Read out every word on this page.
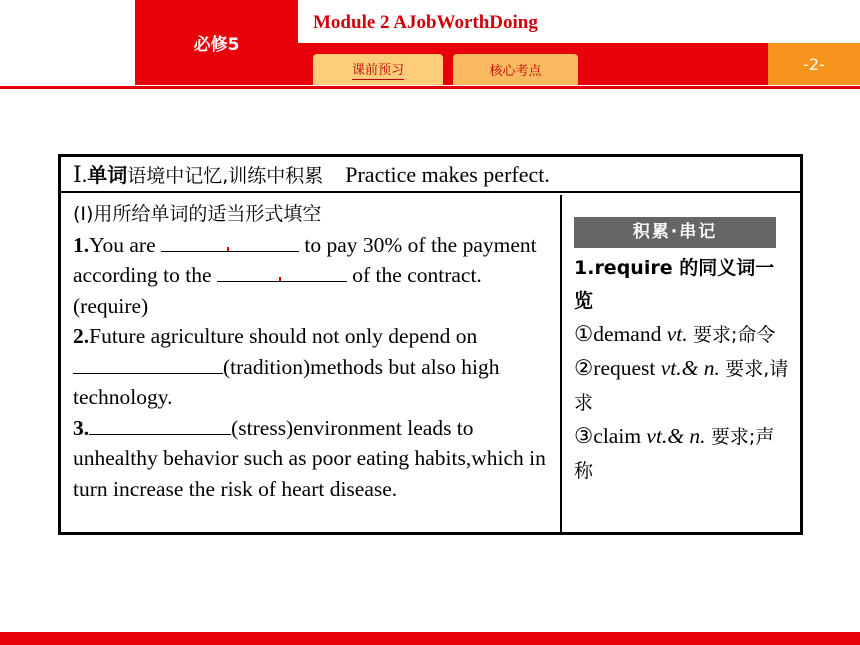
必修5
Module 2 AJobWorthDoing
课前预习	核心考点	-2-
Ⅰ.单词语境中记忆,训练中积累 Practice makes perfect.
(Ⅰ)用所给单词的适当形式填空
1.You are	to pay 30% of the payment according to the	of the contract.(require)
2.Future agriculture should not only depend on (tradition)methods but also high technology.
3.	(stress)environment leads to unhealthy behavior such as poor eating habits,which in turn increase the risk of heart disease.
积累·串记
1.require 的同义词一览
①demand vt. 要求;命令
②request vt.& n. 要求,请求
③claim vt.& n. 要求;声称
